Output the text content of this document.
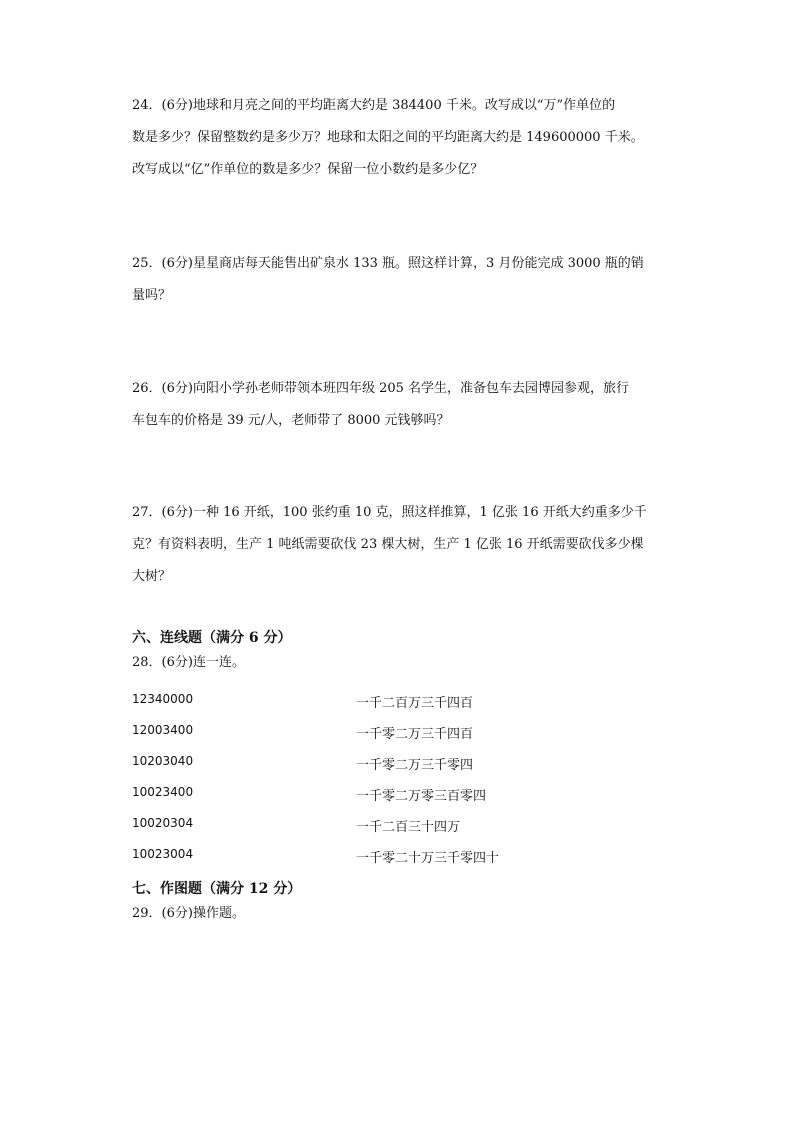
24．(6分)地球和月亮之间的平均距离大约是 384400 千米。改写成以“万”作单位的
数是多少？保留整数约是多少万？地球和太阳之间的平均距离大约是 149600000 千米。
改写成以“亿”作单位的数是多少？保留一位小数约是多少亿？
25．(6分)星星商店每天能售出矿泉水 133 瓶。照这样计算，3 月份能完成 3000 瓶的销
量吗？
26．(6分)向阳小学孙老师带领本班四年级 205 名学生，准备包车去园博园参观，旅行
车包车的价格是 39 元/人，老师带了 8000 元钱够吗？
27．(6分)一种 16 开纸，100 张约重 10 克，照这样推算，1 亿张 16 开纸大约重多少千
克？有资料表明，生产 1 吨纸需要砍伐 23 棵大树，生产 1 亿张 16 开纸需要砍伐多少棵
大树？
六、连线题（满分 6 分）
28．(6分)连一连。
12340000	一千二百万三千四百
12003400	一千零二万三千四百
10203040	一千零二万三千零四
10023400	一千零二万零三百零四
10020304	一千二百三十四万
10023004	一千零二十万三千零四十
七、作图题（满分 12 分）
29．(6分)操作题。
